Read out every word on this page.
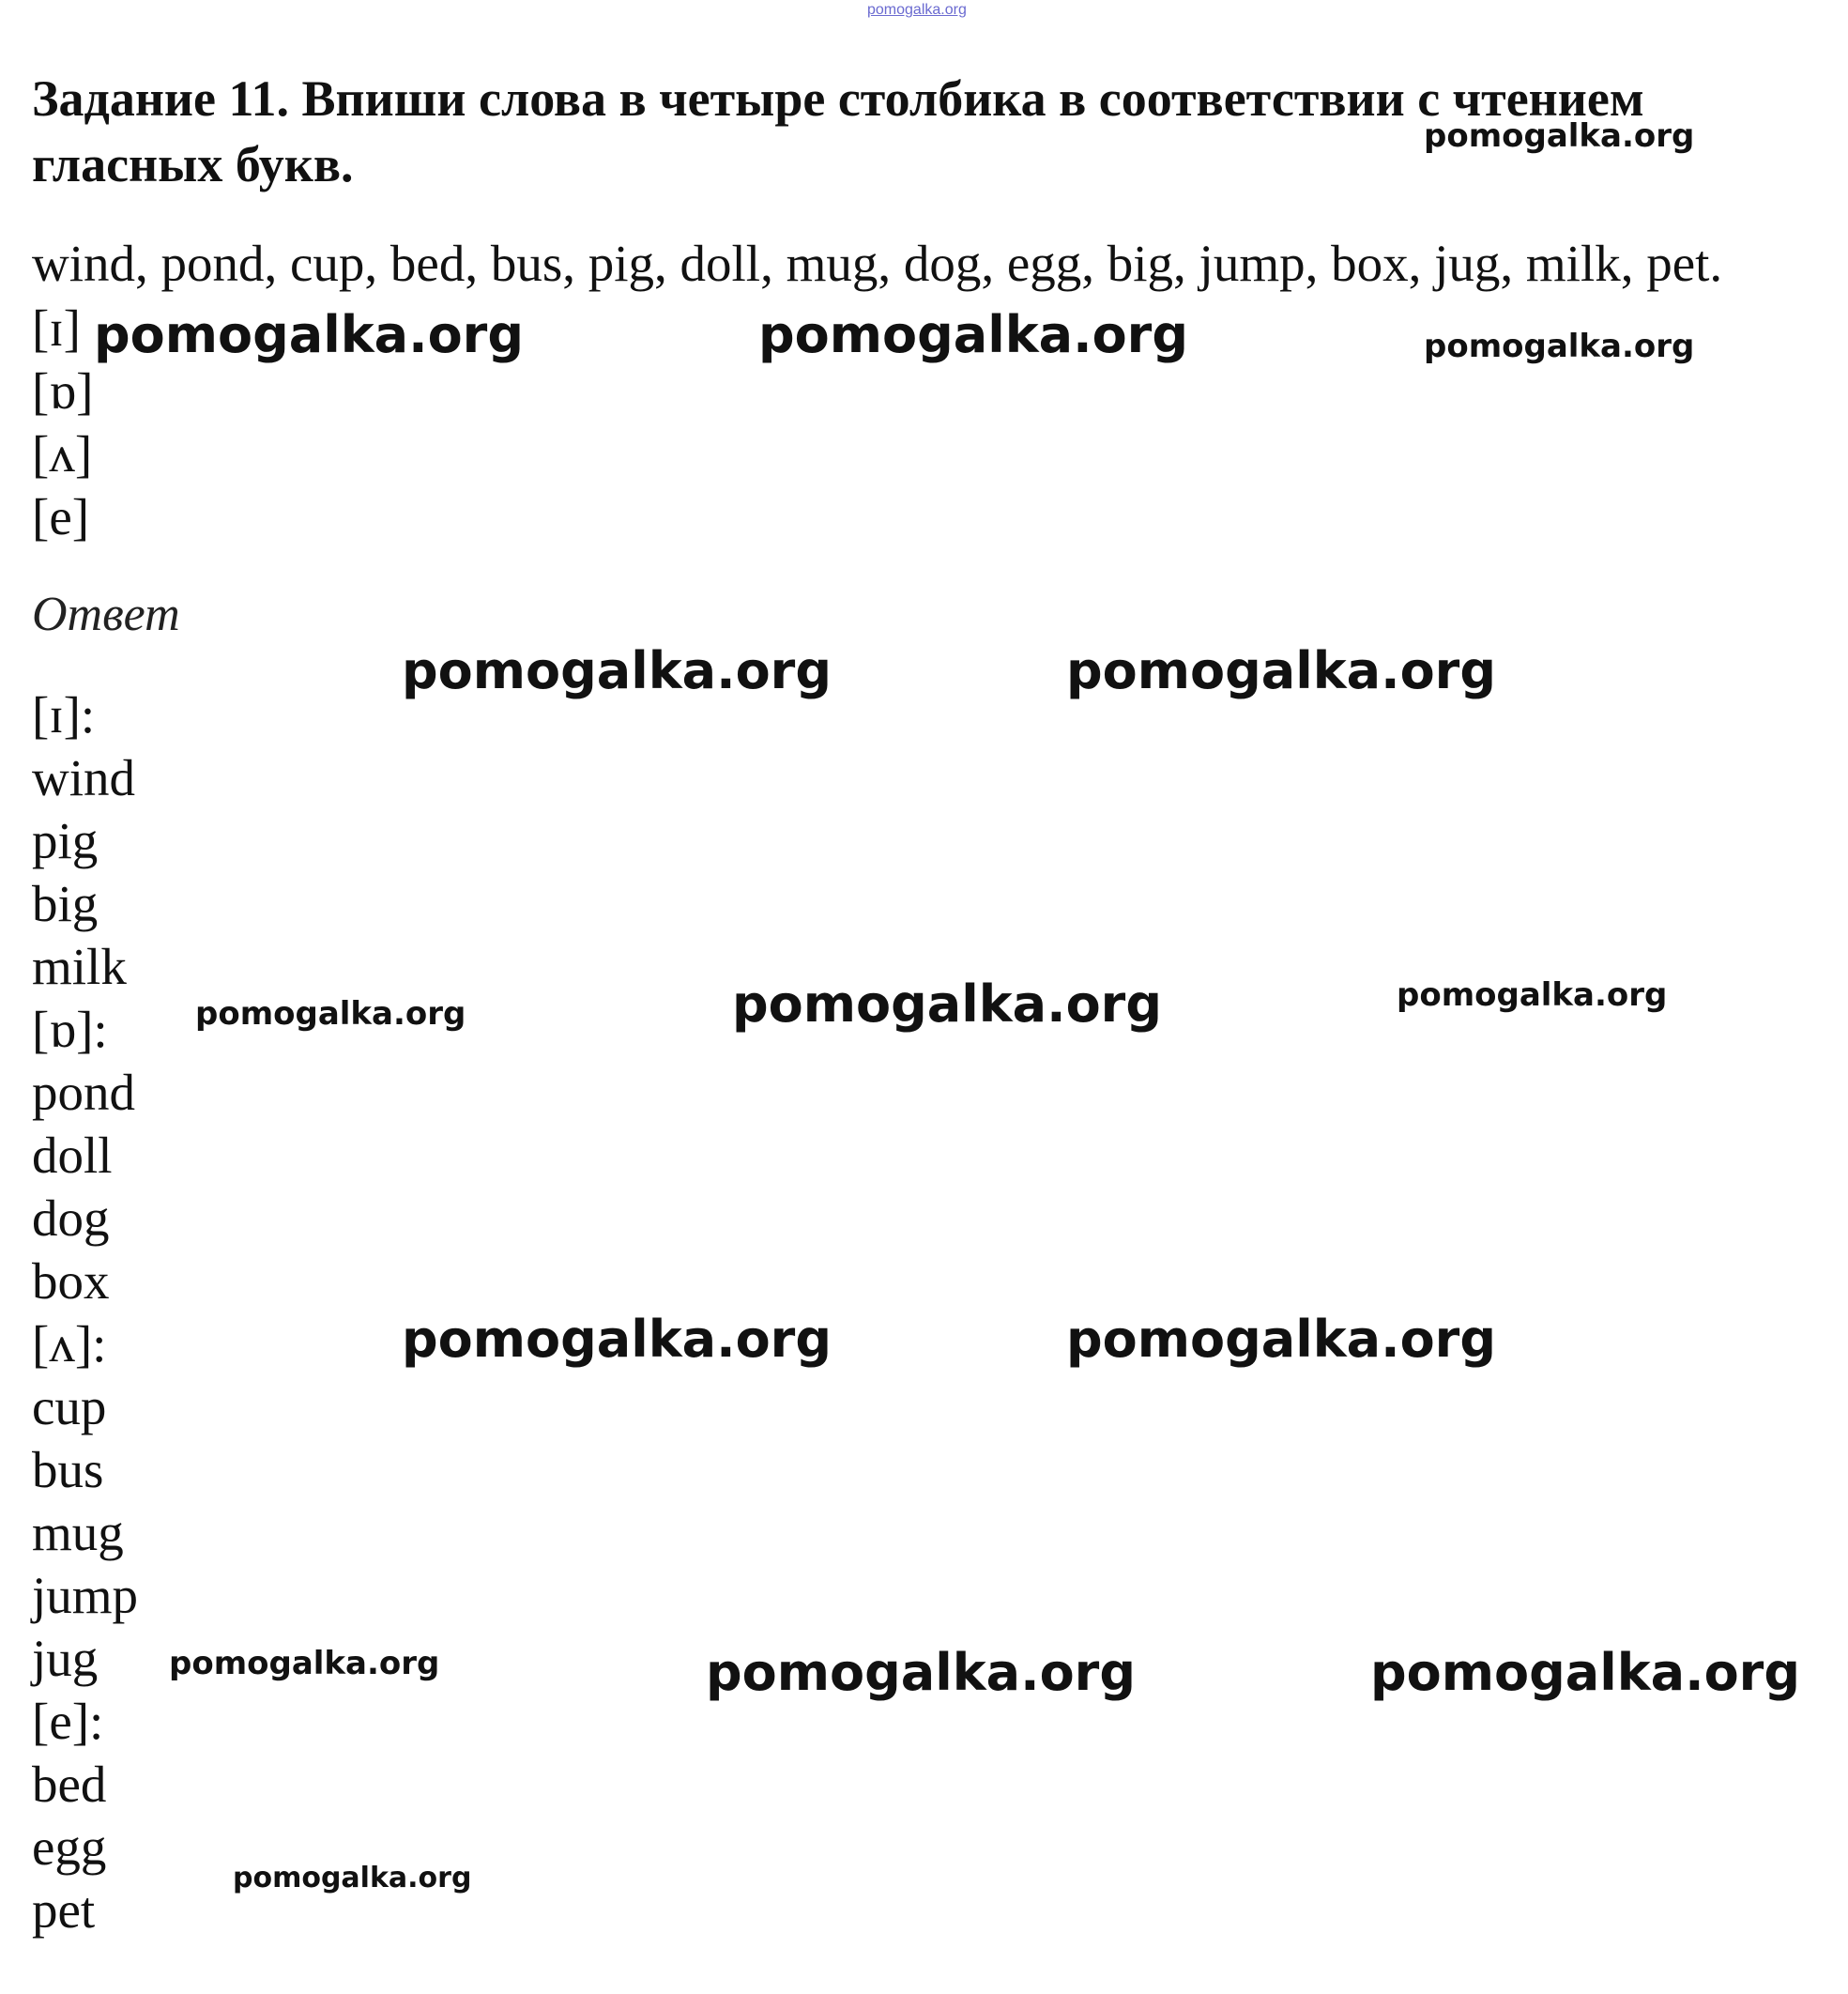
pomogalka.org
Задание 11. Впиши слова в четыре столбика в соответствии с чтением гласных букв.

wind, pond, cup, bed, bus, pig, doll, mug, dog, egg, big, jump, box, jug, milk, pet.

[ɪ]
[ɒ]
[ʌ]
[e]

Ответ

[ɪ]:
wind
pig
big
milk
[ɒ]:
pond
doll
dog
box
[ʌ]:
cup
bus
mug
jump
jug
[e]:
bed
egg
pet
pomogalka.org
pomogalka.org	pomogalka.org	pomogalka.org
pomogalka.org	pomogalka.org
pomogalka.org	pomogalka.org	pomogalka.org
pomogalka.org	pomogalka.org
pomogalka.org	pomogalka.org	pomogalka.org
pomogalka.org
